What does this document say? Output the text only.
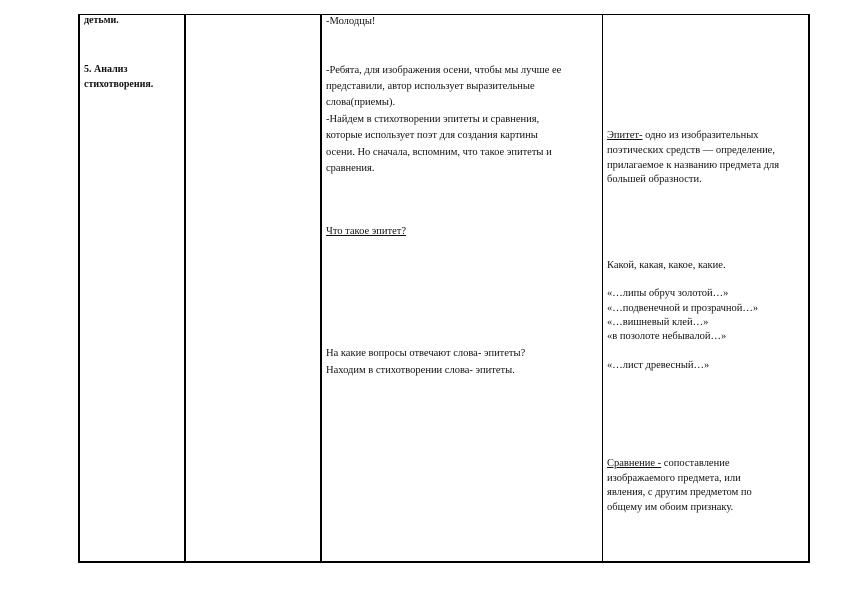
детьми.
5. Анализ
стихотворения.
-Молодцы!
-Ребята, для изображения осени, чтобы мы лучше ее
представили, автор использует выразительные
слова(приемы).
-Найдем в стихотворении эпитеты и сравнения,
которые использует поэт для создания картины
осени. Но сначала, вспомним, что такое эпитеты и
сравнения.
Что такое эпитет?
На какие вопросы отвечают слова- эпитеты?
Находим в стихотворении слова- эпитеты.
Эпитет- одно из изобразительных
поэтических средств — определение,
прилагаемое к названию предмета для
большей образности.
Какой, какая, какое, какие.
«…липы обруч золотой…»
«…подвенечной и прозрачной…»
«…вишневый клей…»
«в позолоте небывалой…»
«…лист древесный…»
Сравнение - сопоставление
изображаемого предмета, или
явления, с другим предметом по
общему им обоим признаку.
